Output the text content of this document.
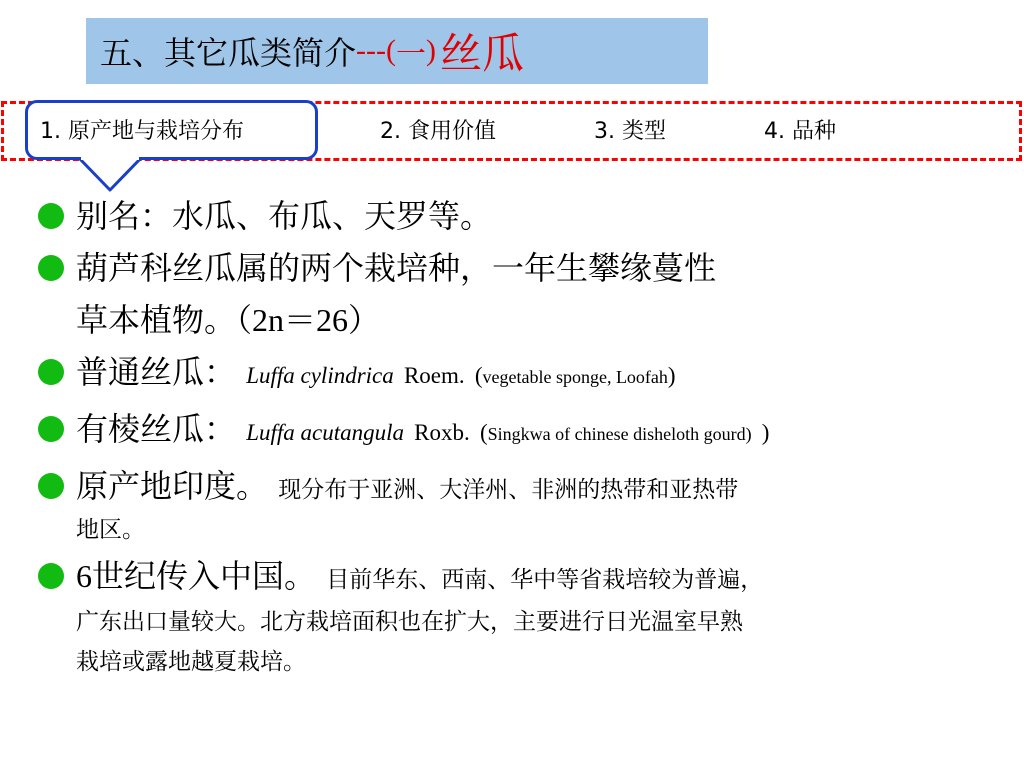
五、其它瓜类简介 --- ( 一 ) 丝瓜
1. 原产地与栽培分布	2. 食用价值	3. 类型	4. 品种
别名：水瓜、布瓜、天罗等。
葫芦科丝瓜属的两个栽培种，一年生攀缘蔓性
草本植物。（2n＝26）
普通丝瓜： Luffa cylindrica Roem. (vegetable sponge, Loofah)
有棱丝瓜： Luffa acutangula Roxb. (Singkwa of chinese disheloth gourd) )
原产地印度。 现分布于亚洲、大洋州、非洲的热带和亚热带
地区。
6世纪传入中国。 目前华东、西南、华中等省栽培较为普遍，
广东出口量较大。北方栽培面积也在扩大，主要进行日光温室早熟
栽培或露地越夏栽培。
